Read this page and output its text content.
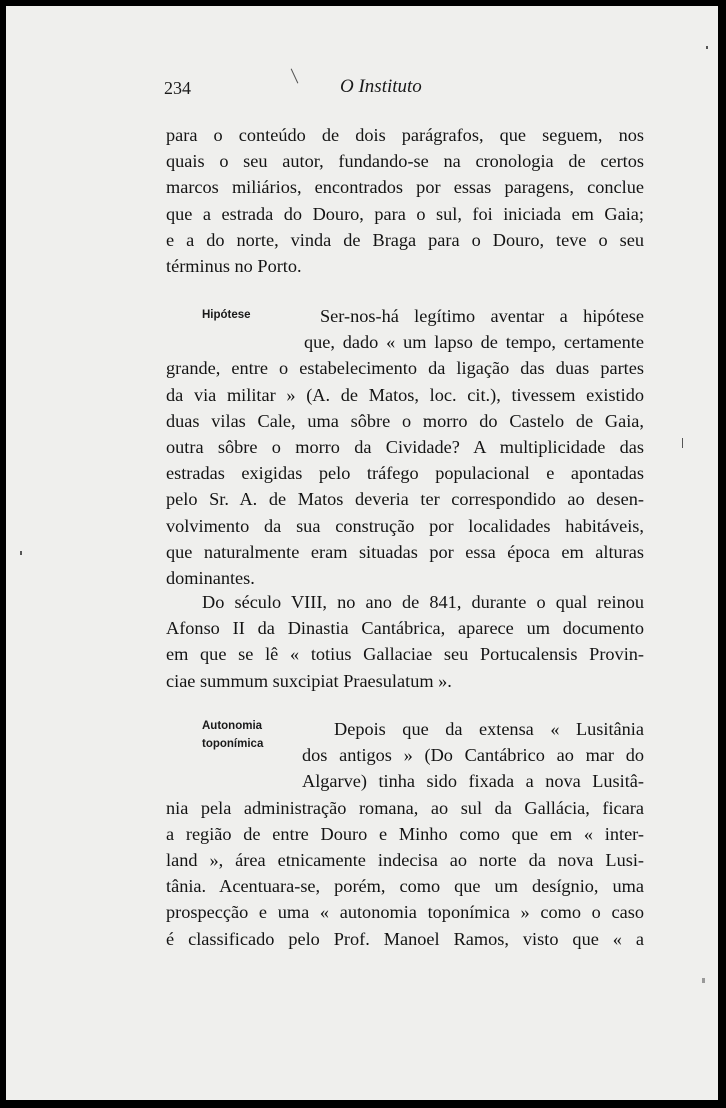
234	O Instituto
para o conteúdo de dois parágrafos, que seguem, nos
quais o seu autor, fundando-se na cronologia de certos
marcos miliários, encontrados por essas paragens, conclue
que a estrada do Douro, para o sul, foi iniciada em Gaia;
e a do norte, vinda de Braga para o Douro, teve o seu
términus no Porto.
Hipótese	Ser-nos-há legítimo aventar a hipótese
que, dado « um lapso de tempo, certamente
grande, entre o estabelecimento da ligação das duas partes
da via militar » (A. de Matos, loc. cit.), tivessem existido
duas vilas Cale, uma sôbre o morro do Castelo de Gaia,
outra sôbre o morro da Cividade? A multiplicidade das
estradas exigidas pelo tráfego populacional e apontadas
pelo Sr. A. de Matos deveria ter correspondido ao desen-
volvimento da sua construção por localidades habitáveis,
que naturalmente eram situadas por essa época em alturas
dominantes.
Do século VIII, no ano de 841, durante o qual reinou
Afonso II da Dinastia Cantábrica, aparece um documento
em que se lê « totius Gallaciae seu Portucalensis Provin-
ciae summum suxcipiat Praesulatum ».
Autonomia
toponímica
Depois que da extensa « Lusitânia
dos antigos » (Do Cantábrico ao mar do
Algarve) tinha sido fixada a nova Lusitâ-
nia pela administração romana, ao sul da Gallácia, ficara
a região de entre Douro e Minho como que em « inter-
land », área etnicamente indecisa ao norte da nova Lusi-
tânia. Acentuara-se, porém, como que um desígnio, uma
prospecção e uma « autonomia toponímica » como o caso
é classificado pelo Prof. Manoel Ramos, visto que « a
